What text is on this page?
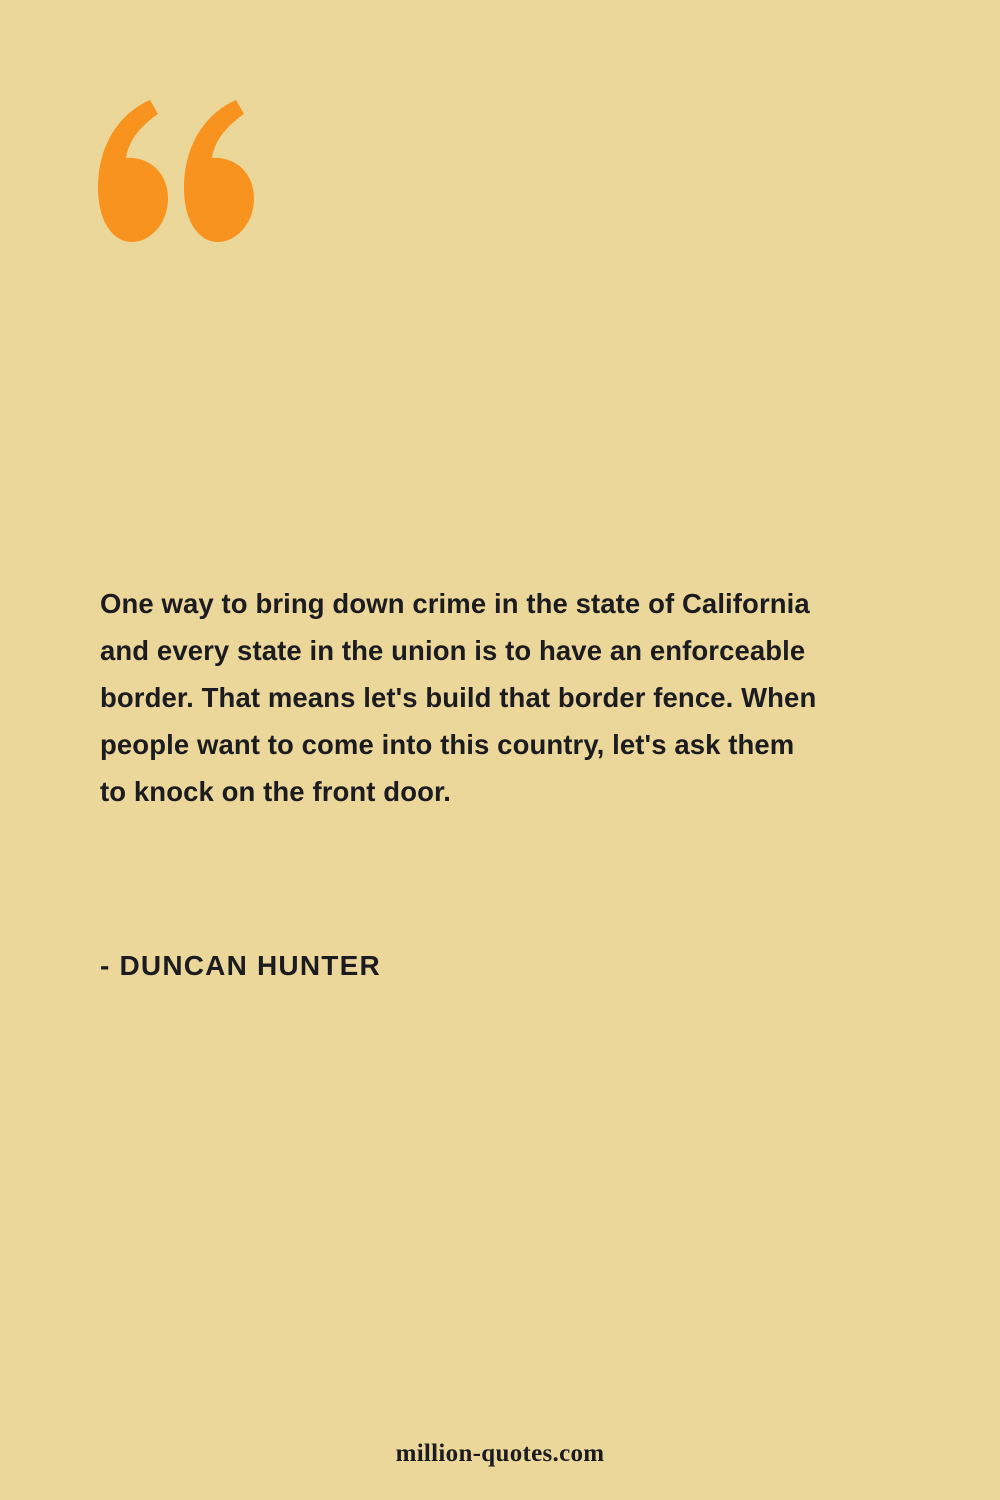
One way to bring down crime in the state of California and every state in the union is to have an enforceable border. That means let's build that border fence. When people want to come into this country, let's ask them to knock on the front door.

- DUNCAN HUNTER

million-quotes.com
